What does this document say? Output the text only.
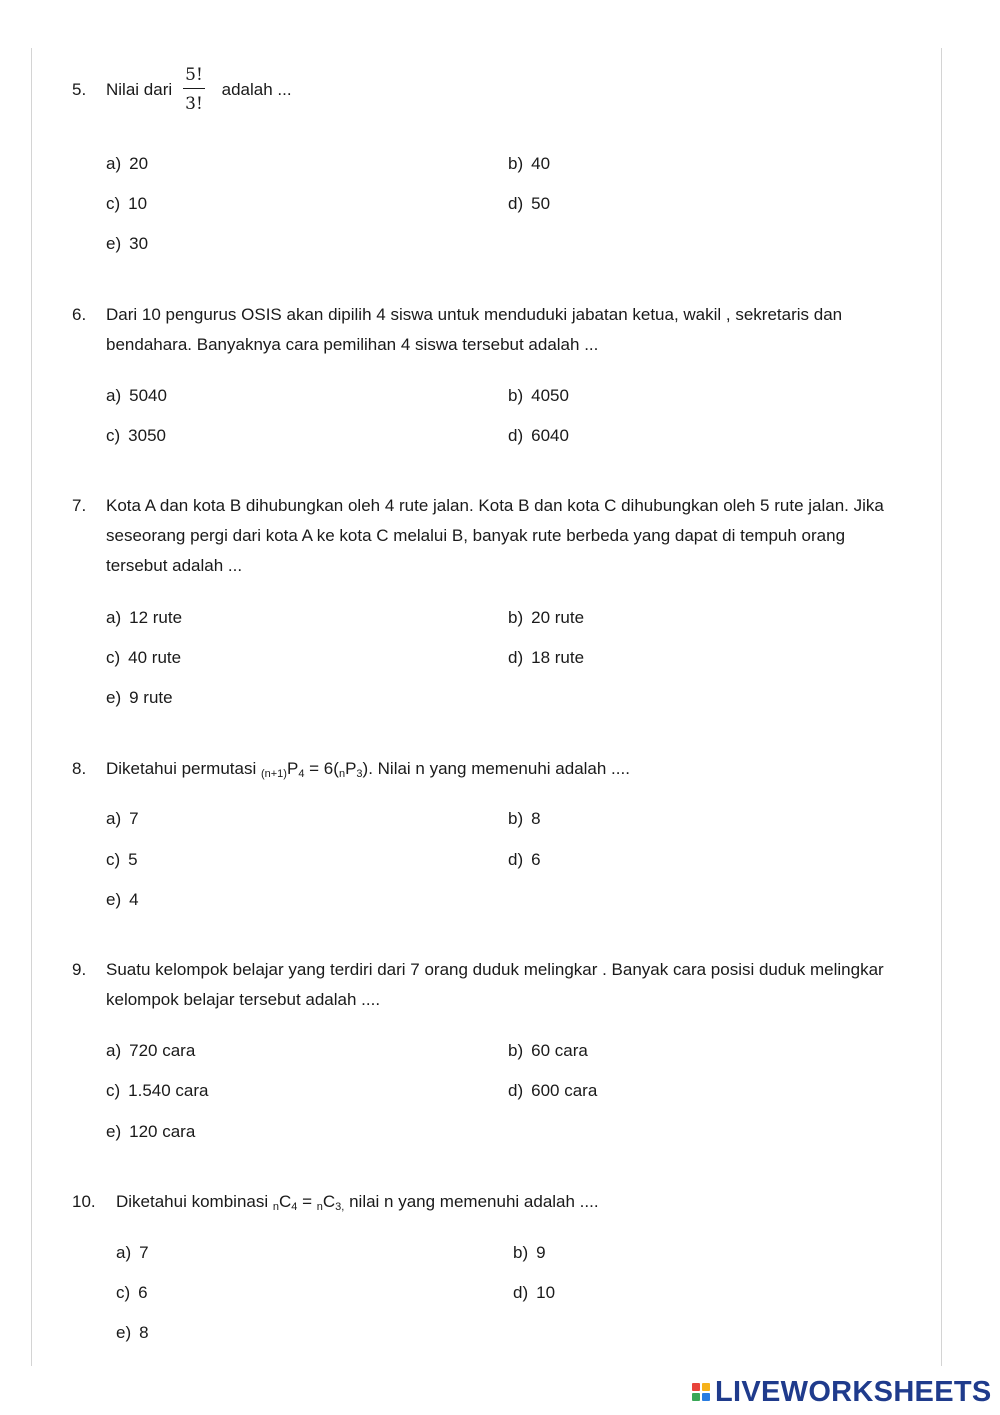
5. Nilai dari	adalah ...
5!
3!
a) 20	b) 40
c) 10	d) 50
e) 30
6. Dari 10 pengurus OSIS akan dipilih 4 siswa untuk menduduki jabatan ketua, wakil , sekretaris dan
bendahara. Banyaknya cara pemilihan 4 siswa tersebut adalah ...
a) 5040	b) 4050
c) 3050	d) 6040
7. Kota A dan kota B dihubungkan oleh 4 rute jalan. Kota B dan kota C dihubungkan oleh 5 rute jalan. Jika
seseorang pergi dari kota A ke kota C melalui B, banyak rute berbeda yang dapat di tempuh orang
tersebut adalah ...
a) 12 rute	b) 20 rute
c) 40 rute	d) 18 rute
e) 9 rute
8. Diketahui permutasi $_{(n+1)}P_4 = 6(_nP_3)$. Nilai n yang memenuhi adalah ....
a) 7	b) 8
c) 5	d) 6
e) 4
9. Suatu kelompok belajar yang terdiri dari 7 orang duduk melingkar . Banyak cara posisi duduk melingkar
kelompok belajar tersebut adalah ....
a) 720 cara	b) 60 cara
c) 1.540 cara	d) 600 cara
e) 120 cara
10. Diketahui kombinasi $_nC_4 = _nC_{3,}$ nilai n yang memenuhi adalah ....
a) 7	b) 9
c) 6	d) 10
e) 8
LIVEWORKSHEETS
